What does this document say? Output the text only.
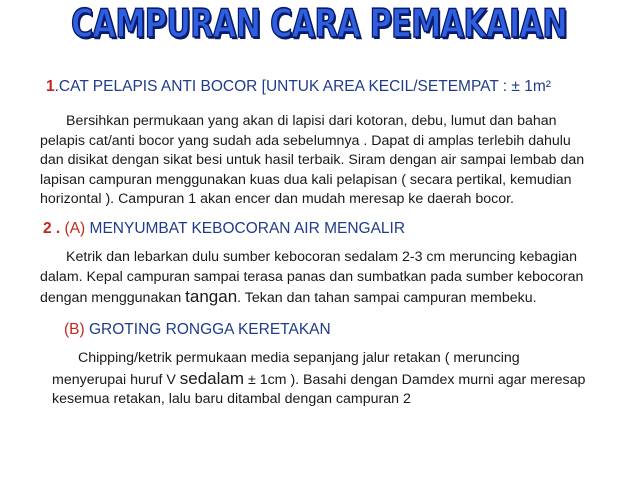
CAMPURAN CARA PEMAKAIAN
1.CAT PELAPIS ANTI BOCOR [UNTUK AREA KECIL/SETEMPAT : ± 1m²

Bersihkan permukaan yang akan di lapisi dari kotoran, debu, lumut dan bahan

pelapis cat/anti bocor yang sudah ada sebelumnya . Dapat di amplas terlebih dahulu

dan disikat dengan sikat besi untuk hasil terbaik. Siram dengan air sampai lembab dan

lapisan campuran menggunakan kuas dua kali pelapisan ( secara pertikal, kemudian

horizontal ). Campuran 1 akan encer dan mudah meresap ke daerah bocor.

2 . (A) MENYUMBAT KEBOCORAN AIR MENGALIR

Ketrik dan lebarkan dulu sumber kebocoran sedalam 2-3 cm meruncing kebagian

dalam. Kepal campuran sampai terasa panas dan sumbatkan pada sumber kebocoran

dengan menggunakan tangan. Tekan dan tahan sampai campuran membeku.

(B) GROTING RONGGA KERETAKAN

Chipping/ketrik permukaan media sepanjang jalur retakan ( meruncing

menyerupai huruf V sedalam ± 1cm ). Basahi dengan Damdex murni agar meresap

kesemua retakan, lalu baru ditambal dengan campuran 2
